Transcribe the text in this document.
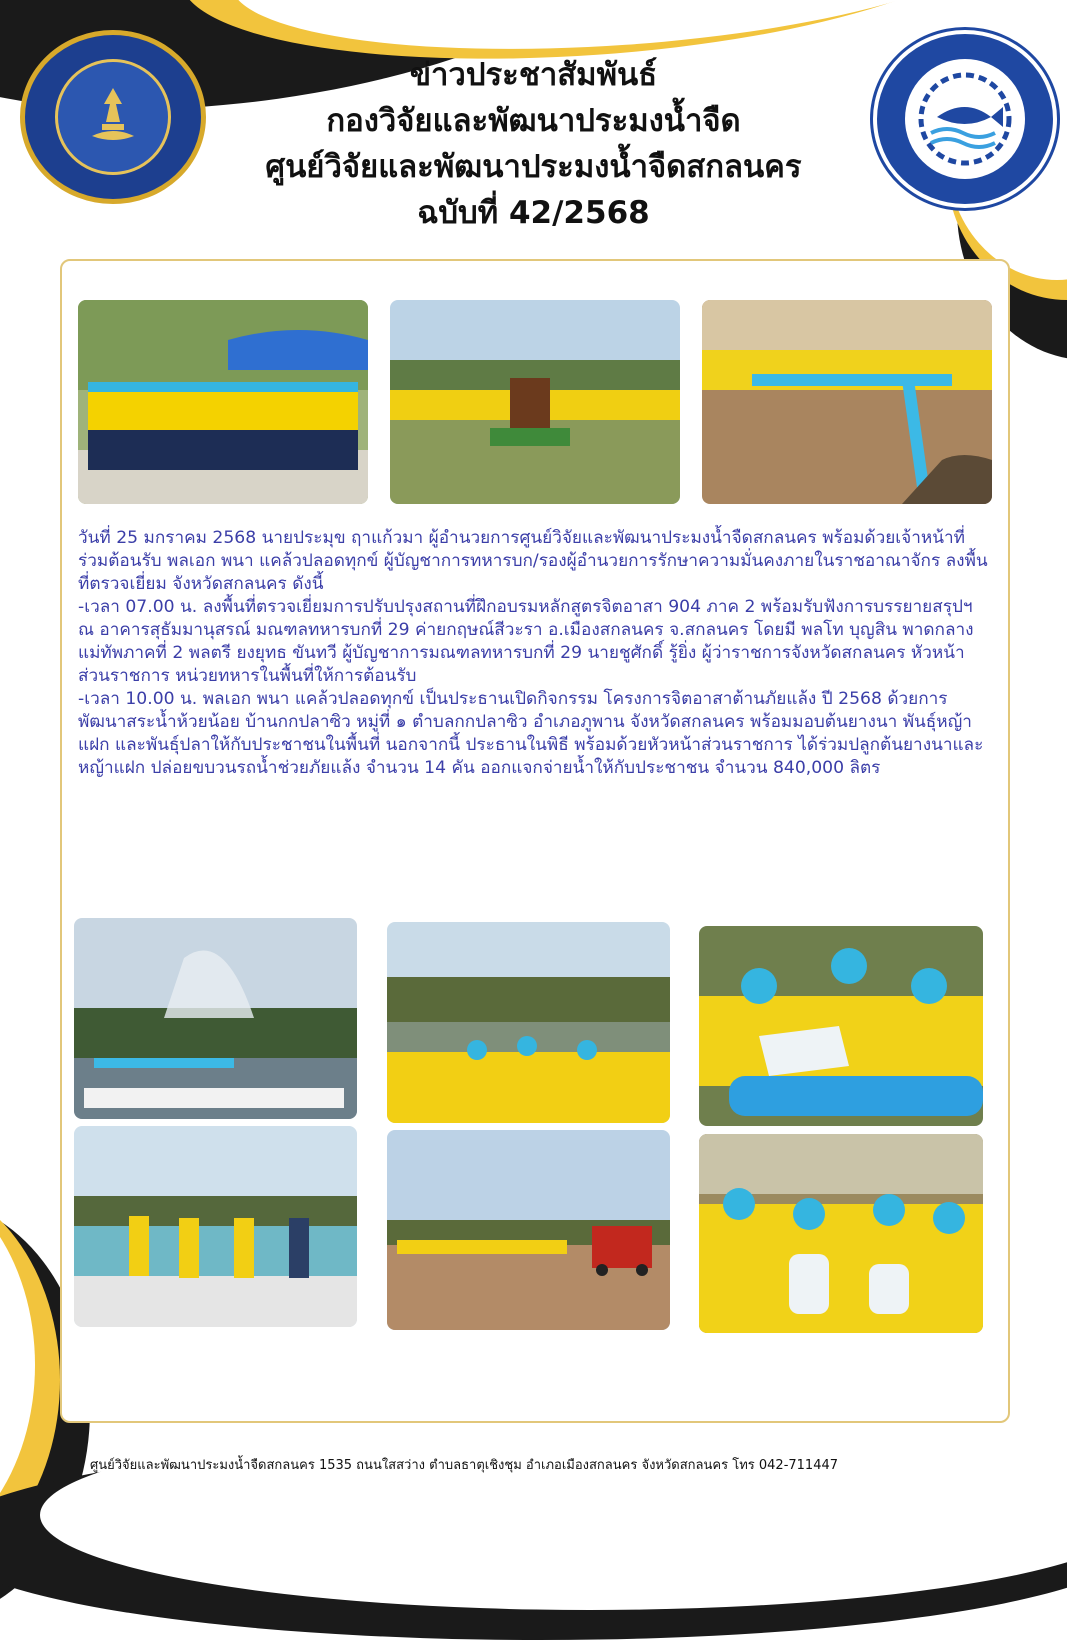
ข่าวประชาสัมพันธ์
กองวิจัยและพัฒนาประมงน้ำจืด
ศูนย์วิจัยและพัฒนาประมงน้ำจืดสกลนคร
ฉบับที่ 42/2568

วันที่ 25 มกราคม 2568 นายประมุข ฤาแก้วมา ผู้อำนวยการศูนย์วิจัยและพัฒนาประมงน้ำจืดสกลนคร พร้อมด้วยเจ้าหน้าที่ ร่วมต้อนรับ พลเอก พนา แคล้วปลอดทุกข์ ผู้บัญชาการทหารบก/รองผู้อำนวยการรักษาความมั่นคงภายในราชอาณาจักร ลงพื้นที่ตรวจเยี่ยม จังหวัดสกลนคร ดังนี้

-เวลา 07.00 น. ลงพื้นที่ตรวจเยี่ยมการปรับปรุงสถานที่ฝึกอบรมหลักสูตรจิตอาสา 904 ภาค 2 พร้อมรับฟังการบรรยายสรุปฯ ณ อาคารสุธัมมานุสรณ์ มณฑลทหารบกที่ 29 ค่ายกฤษณ์สีวะรา อ.เมืองสกลนคร จ.สกลนคร โดยมี พลโท บุญสิน พาดกลาง แม่ทัพภาคที่ 2 พลตรี ยงยุทธ ขันทวี ผู้บัญชาการมณฑลทหารบกที่ 29 นายชูศักดิ์ รู้ยิ่ง ผู้ว่าราชการจังหวัดสกลนคร หัวหน้าส่วนราชการ หน่วยทหารในพื้นที่ให้การต้อนรับ

-เวลา 10.00 น. พลเอก พนา แคล้วปลอดทุกข์ เป็นประธานเปิดกิจกรรม โครงการจิตอาสาต้านภัยแล้ง ปี 2568 ด้วยการพัฒนาสระน้ำห้วยน้อย บ้านกกปลาซิว หมู่ที่ ๑ ตำบลกกปลาซิว อำเภอภูพาน จังหวัดสกลนคร พร้อมมอบต้นยางนา พันธุ์หญ้าแฝก และพันธุ์ปลาให้กับประชาชนในพื้นที่ นอกจากนี้ ประธานในพิธี พร้อมด้วยหัวหน้าส่วนราชการ ได้ร่วมปลูกต้นยางนาและหญ้าแฝก ปล่อยขบวนรถน้ำช่วยภัยแล้ง จำนวน 14 คัน ออกแจกจ่ายน้ำให้กับประชาชน จำนวน 840,000 ลิตร

ศูนย์วิจัยและพัฒนาประมงน้ำจืดสกลนคร 1535 ถนนใสสว่าง ตำบลธาตุเชิงชุม อำเภอเมืองสกลนคร จังหวัดสกลนคร โทร 042-711447
